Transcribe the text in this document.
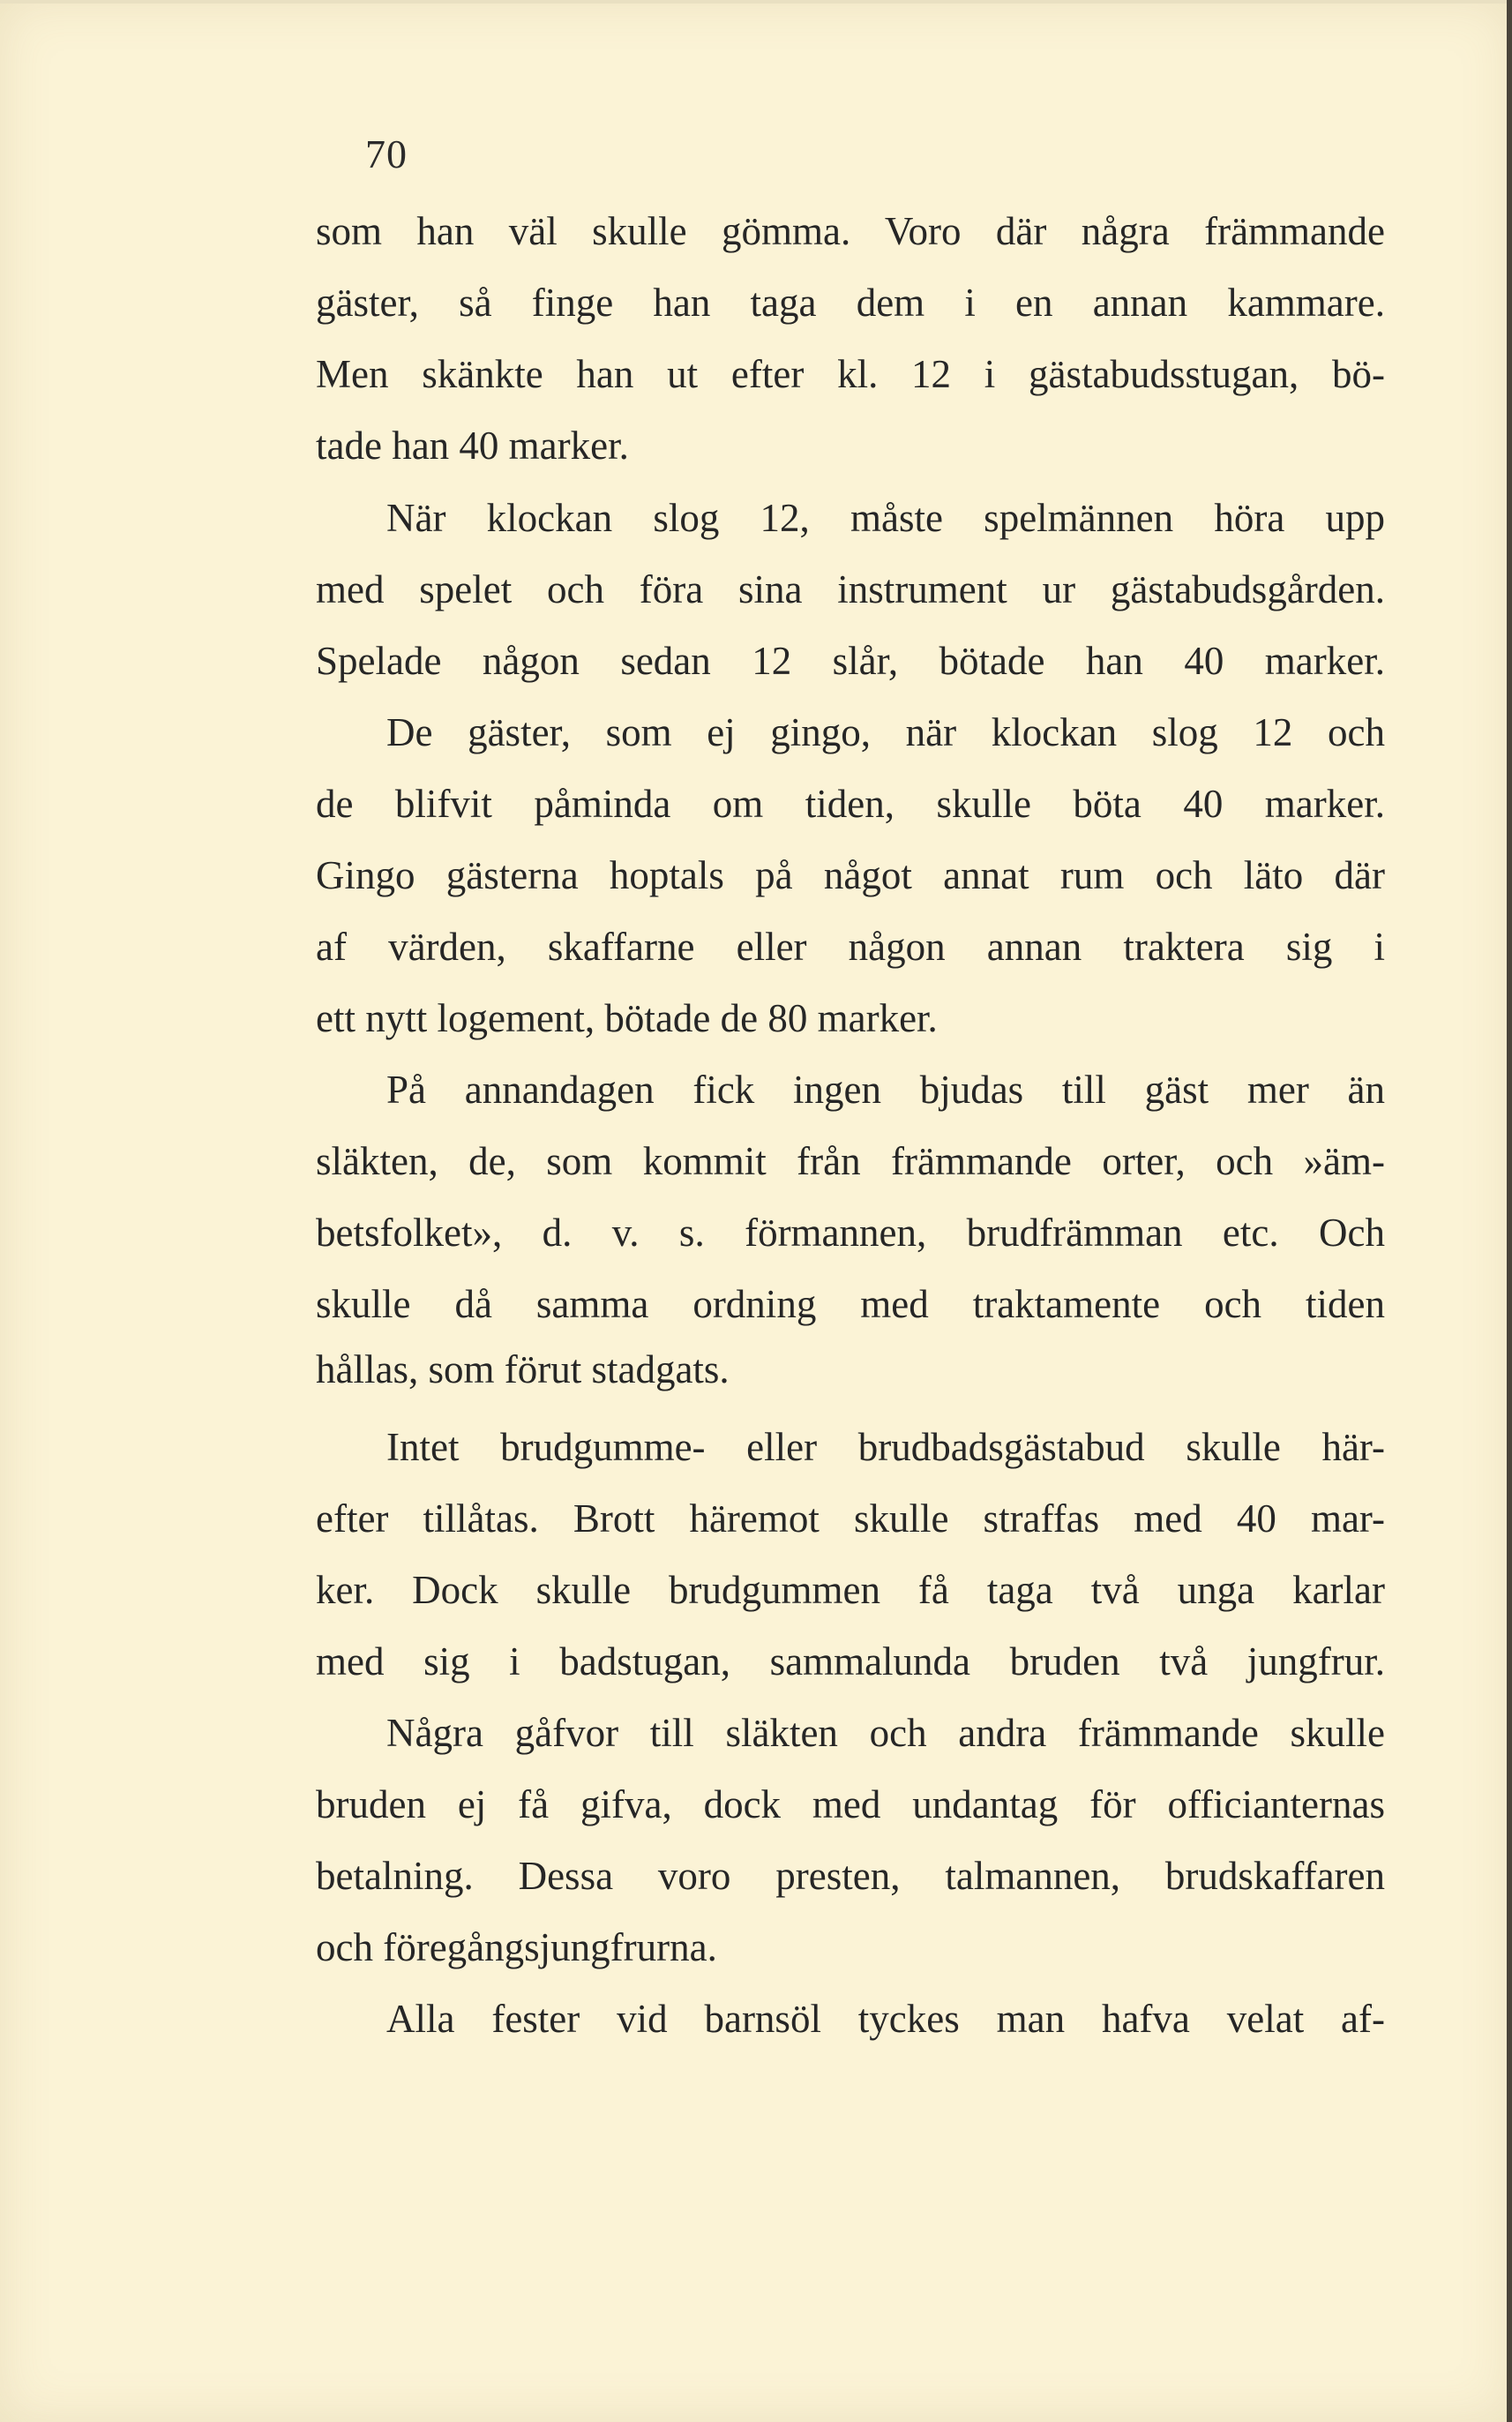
70
som han väl skulle gömma. Voro där några främmande
gäster, så finge han taga dem i en annan kammare.
Men skänkte han ut efter kl. 12 i gästabudsstugan, bö-
tade han 40 marker.
När klockan slog 12, måste spelmännen höra upp
med spelet och föra sina instrument ur gästabudsgården.
Spelade någon sedan 12 slår, bötade han 40 marker.
De gäster, som ej gingo, när klockan slog 12 och
de blifvit påminda om tiden, skulle böta 40 marker.
Gingo gästerna hoptals på något annat rum och läto där
af värden, skaffarne eller någon annan traktera sig i
ett nytt logement, bötade de 80 marker.
På annandagen fick ingen bjudas till gäst mer än
släkten, de, som kommit från främmande orter, och »äm-
betsfolket», d. v. s. förmannen, brudfrämman etc. Och
skulle då samma ordning med traktamente och tiden
hållas, som förut stadgats.
Intet brudgumme- eller brudbadsgästabud skulle här-
efter tillåtas. Brott häremot skulle straffas med 40 mar-
ker. Dock skulle brudgummen få taga två unga karlar
med sig i badstugan, sammalunda bruden två jungfrur.
Några gåfvor till släkten och andra främmande skulle
bruden ej få gifva, dock med undantag för officianternas
betalning. Dessa voro presten, talmannen, brudskaffaren
och föregångsjungfrurna.
Alla fester vid barnsöl tyckes man hafva velat af-
